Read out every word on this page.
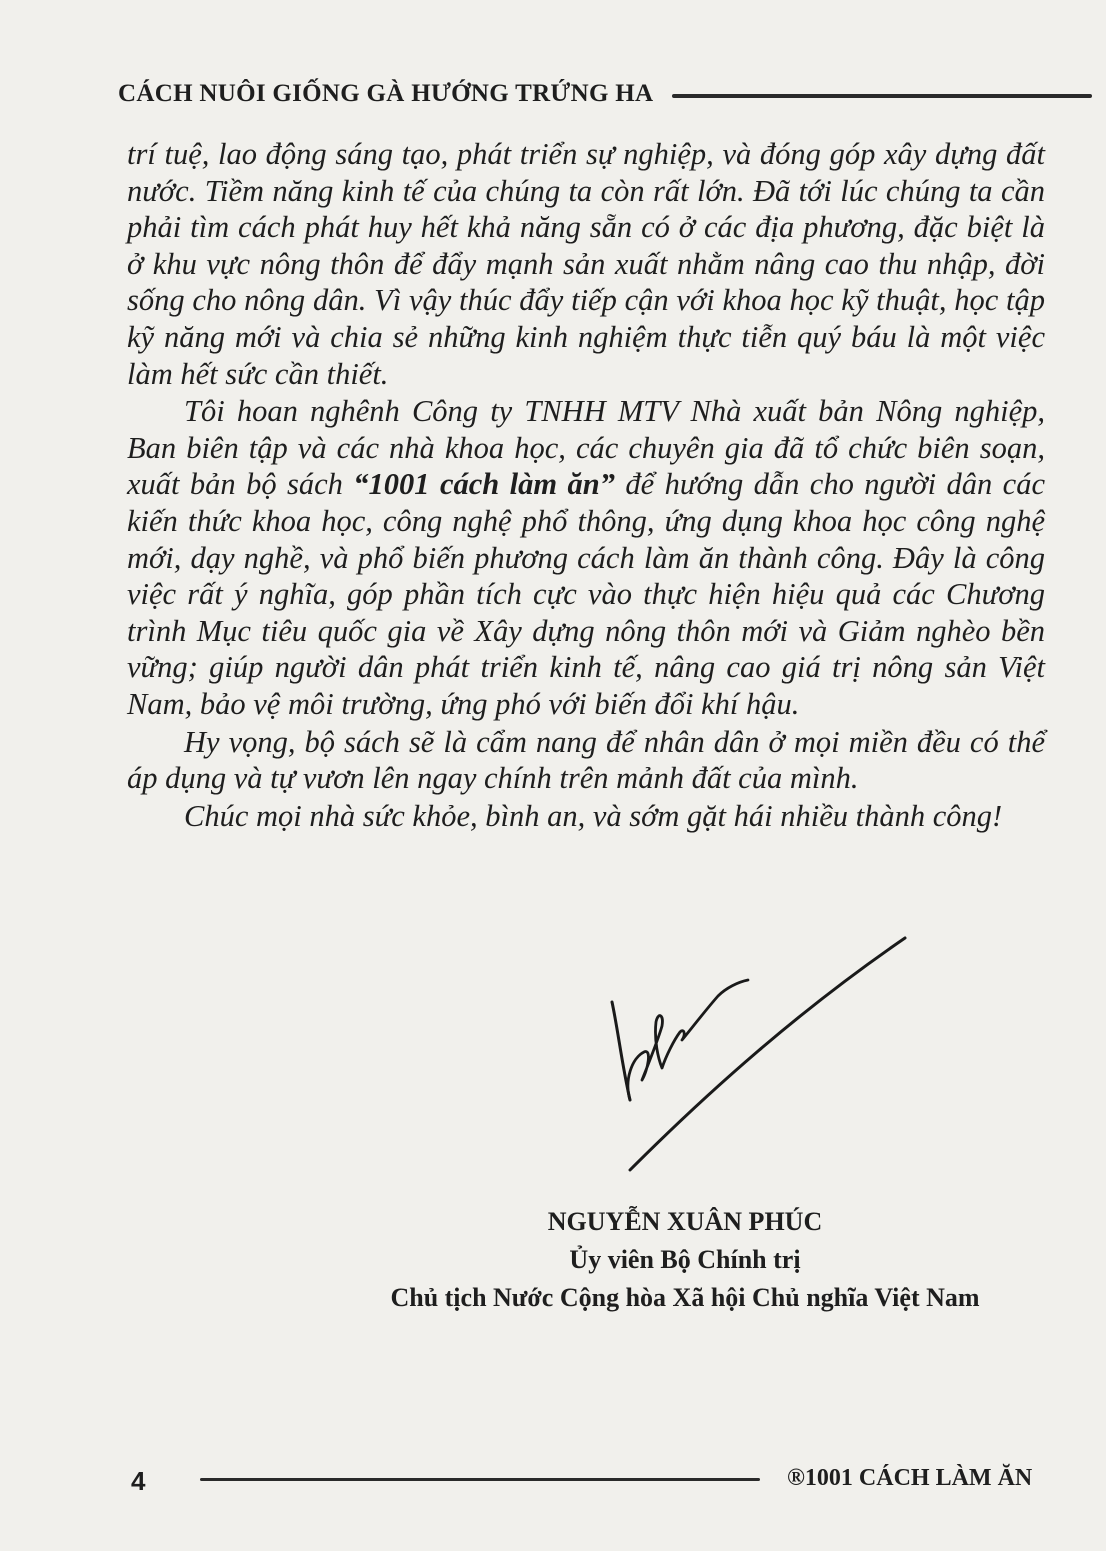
CÁCH NUÔI GIỐNG GÀ HƯỚNG TRỨNG HA

trí tuệ, lao động sáng tạo, phát triển sự nghiệp, và đóng góp xây dựng đất nước. Tiềm năng kinh tế của chúng ta còn rất lớn. Đã tới lúc chúng ta cần phải tìm cách phát huy hết khả năng sẵn có ở các địa phương, đặc biệt là ở khu vực nông thôn để đẩy mạnh sản xuất nhằm nâng cao thu nhập, đời sống cho nông dân. Vì vậy thúc đẩy tiếp cận với khoa học kỹ thuật, học tập kỹ năng mới và chia sẻ những kinh nghiệm thực tiễn quý báu là một việc làm hết sức cần thiết.

Tôi hoan nghênh Công ty TNHH MTV Nhà xuất bản Nông nghiệp, Ban biên tập và các nhà khoa học, các chuyên gia đã tổ chức biên soạn, xuất bản bộ sách “1001 cách làm ăn” để hướng dẫn cho người dân các kiến thức khoa học, công nghệ phổ thông, ứng dụng khoa học công nghệ mới, dạy nghề, và phổ biến phương cách làm ăn thành công. Đây là công việc rất ý nghĩa, góp phần tích cực vào thực hiện hiệu quả các Chương trình Mục tiêu quốc gia về Xây dựng nông thôn mới và Giảm nghèo bền vững; giúp người dân phát triển kinh tế, nâng cao giá trị nông sản Việt Nam, bảo vệ môi trường, ứng phó với biến đổi khí hậu.

Hy vọng, bộ sách sẽ là cẩm nang để nhân dân ở mọi miền đều có thể áp dụng và tự vươn lên ngay chính trên mảnh đất của mình.

Chúc mọi nhà sức khỏe, bình an, và sớm gặt hái nhiều thành công!

NGUYỄN XUÂN PHÚC
Ủy viên Bộ Chính trị
Chủ tịch Nước Cộng hòa Xã hội Chủ nghĩa Việt Nam
4	®1001 CÁCH LÀM ĂN
